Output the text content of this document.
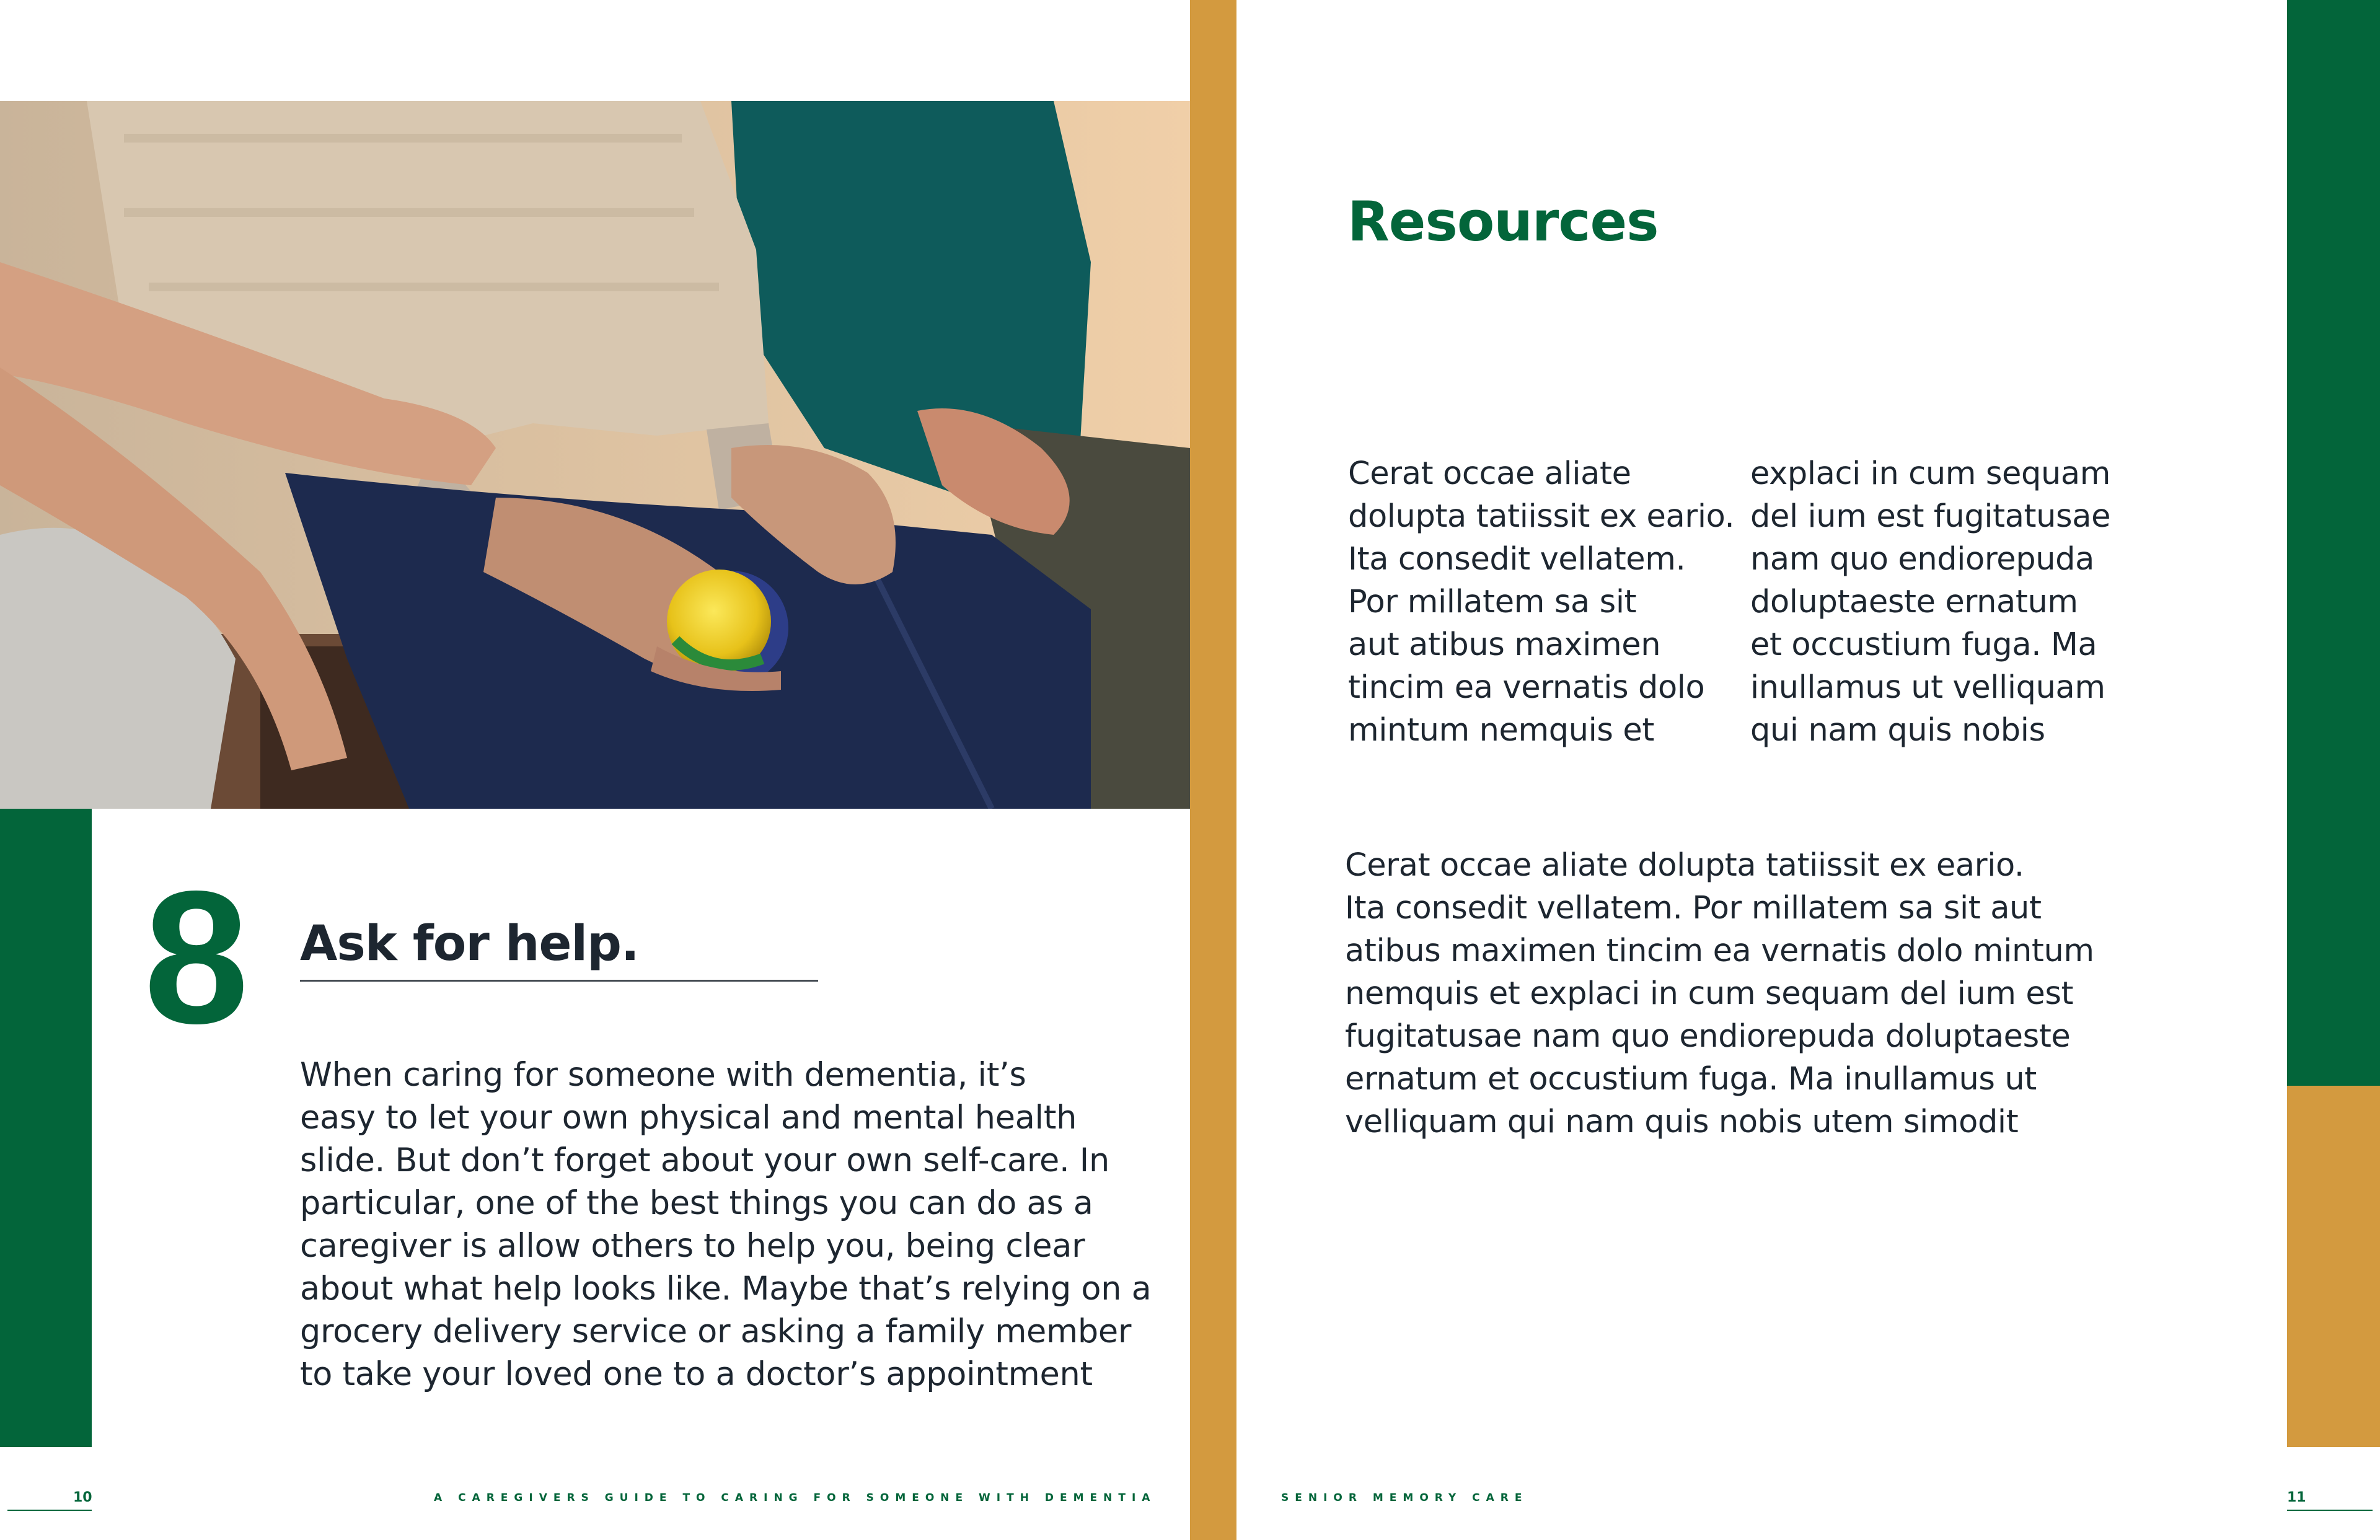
8	Ask for help.
When caring for someone with dementia, it’s
easy to let your own physical and mental health
slide. But don’t forget about your own self-care. In
particular, one of the best things you can do as a
caregiver is allow others to help you, being clear
about what help looks like. Maybe that’s relying on a
grocery delivery service or asking a family member
to take your loved one to a doctor’s appointment
Resources
Cerat occae aliate
dolupta tatiissit ex eario.
Ita consedit vellatem.
Por millatem sa sit
aut atibus maximen
tincim ea vernatis dolo
mintum nemquis et
explaci in cum sequam
del ium est fugitatusae
nam quo endiorepuda
doluptaeste ernatum
et occustium fuga. Ma
inullamus ut velliquam
qui nam quis nobis
Cerat occae aliate dolupta tatiissit ex eario.
Ita consedit vellatem. Por millatem sa sit aut
atibus maximen tincim ea vernatis dolo mintum
nemquis et explaci in cum sequam del ium est
fugitatusae nam quo endiorepuda doluptaeste
ernatum et occustium fuga. Ma inullamus ut
velliquam qui nam quis nobis utem simodit
10	A CAREGIVERS GUIDE TO CARING FOR SOMEONE WITH DEMENTIA	SENIOR MEMORY CARE	11
